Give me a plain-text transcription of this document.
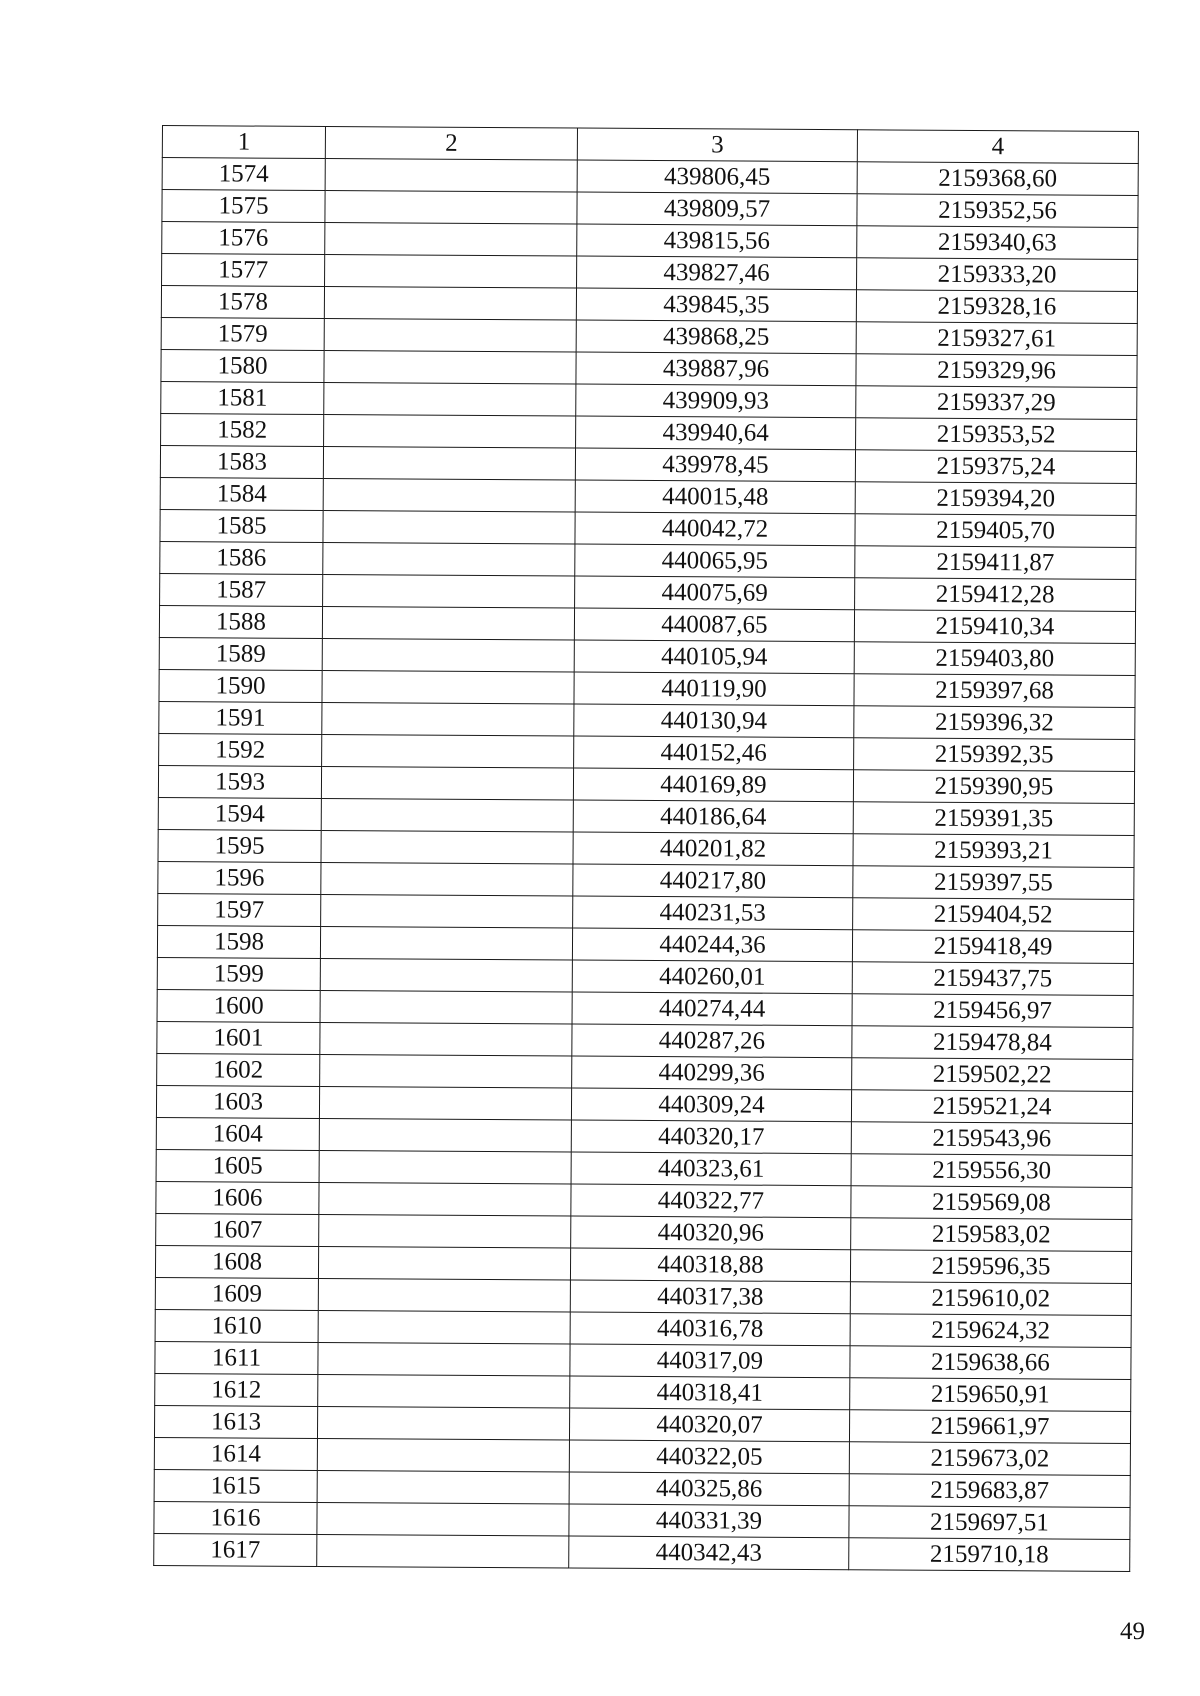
1	2	3	4
1574		439806,45	2159368,60
1575		439809,57	2159352,56
1576		439815,56	2159340,63
1577		439827,46	2159333,20
1578		439845,35	2159328,16
1579		439868,25	2159327,61
1580		439887,96	2159329,96
1581		439909,93	2159337,29
1582		439940,64	2159353,52
1583		439978,45	2159375,24
1584		440015,48	2159394,20
1585		440042,72	2159405,70
1586		440065,95	2159411,87
1587		440075,69	2159412,28
1588		440087,65	2159410,34
1589		440105,94	2159403,80
1590		440119,90	2159397,68
1591		440130,94	2159396,32
1592		440152,46	2159392,35
1593		440169,89	2159390,95
1594		440186,64	2159391,35
1595		440201,82	2159393,21
1596		440217,80	2159397,55
1597		440231,53	2159404,52
1598		440244,36	2159418,49
1599		440260,01	2159437,75
1600		440274,44	2159456,97
1601		440287,26	2159478,84
1602		440299,36	2159502,22
1603		440309,24	2159521,24
1604		440320,17	2159543,96
1605		440323,61	2159556,30
1606		440322,77	2159569,08
1607		440320,96	2159583,02
1608		440318,88	2159596,35
1609		440317,38	2159610,02
1610		440316,78	2159624,32
1611		440317,09	2159638,66
1612		440318,41	2159650,91
1613		440320,07	2159661,97
1614		440322,05	2159673,02
1615		440325,86	2159683,87
1616		440331,39	2159697,51
1617		440342,43	2159710,18
49
